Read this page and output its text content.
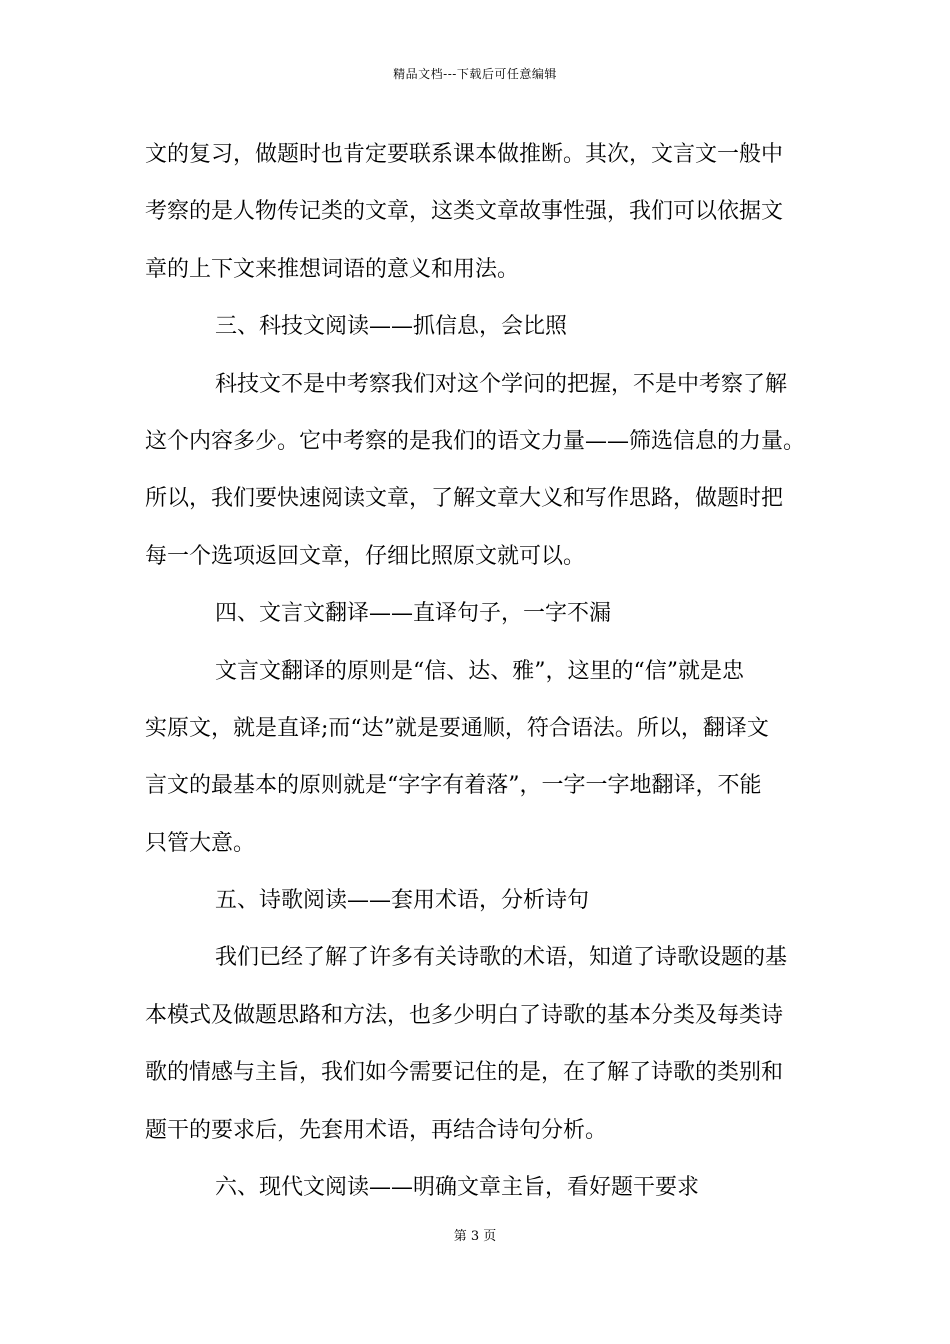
精品文档---下载后可任意编辑
文的复习，做题时也肯定要联系课本做推断。其次，文言文一般中
考察的是人物传记类的文章，这类文章故事性强，我们可以依据文
章的上下文来推想词语的意义和用法。
三、科技文阅读——抓信息，会比照
科技文不是中考察我们对这个学问的把握，不是中考察了解
这个内容多少。它中考察的是我们的语文力量——筛选信息的力量。
所以，我们要快速阅读文章，了解文章大义和写作思路，做题时把
每一个选项返回文章，仔细比照原文就可以。
四、文言文翻译——直译句子，一字不漏
文言文翻译的原则是“信、达、雅”，这里的“信”就是忠
实原文，就是直译;而“达”就是要通顺，符合语法。所以，翻译文
言文的最基本的原则就是“字字有着落”，一字一字地翻译，不能
只管大意。
五、诗歌阅读——套用术语，分析诗句
我们已经了解了许多有关诗歌的术语，知道了诗歌设题的基
本模式及做题思路和方法，也多少明白了诗歌的基本分类及每类诗
歌的情感与主旨，我们如今需要记住的是，在了解了诗歌的类别和
题干的要求后，先套用术语，再结合诗句分析。
六、现代文阅读——明确文章主旨，看好题干要求
第 3 页
